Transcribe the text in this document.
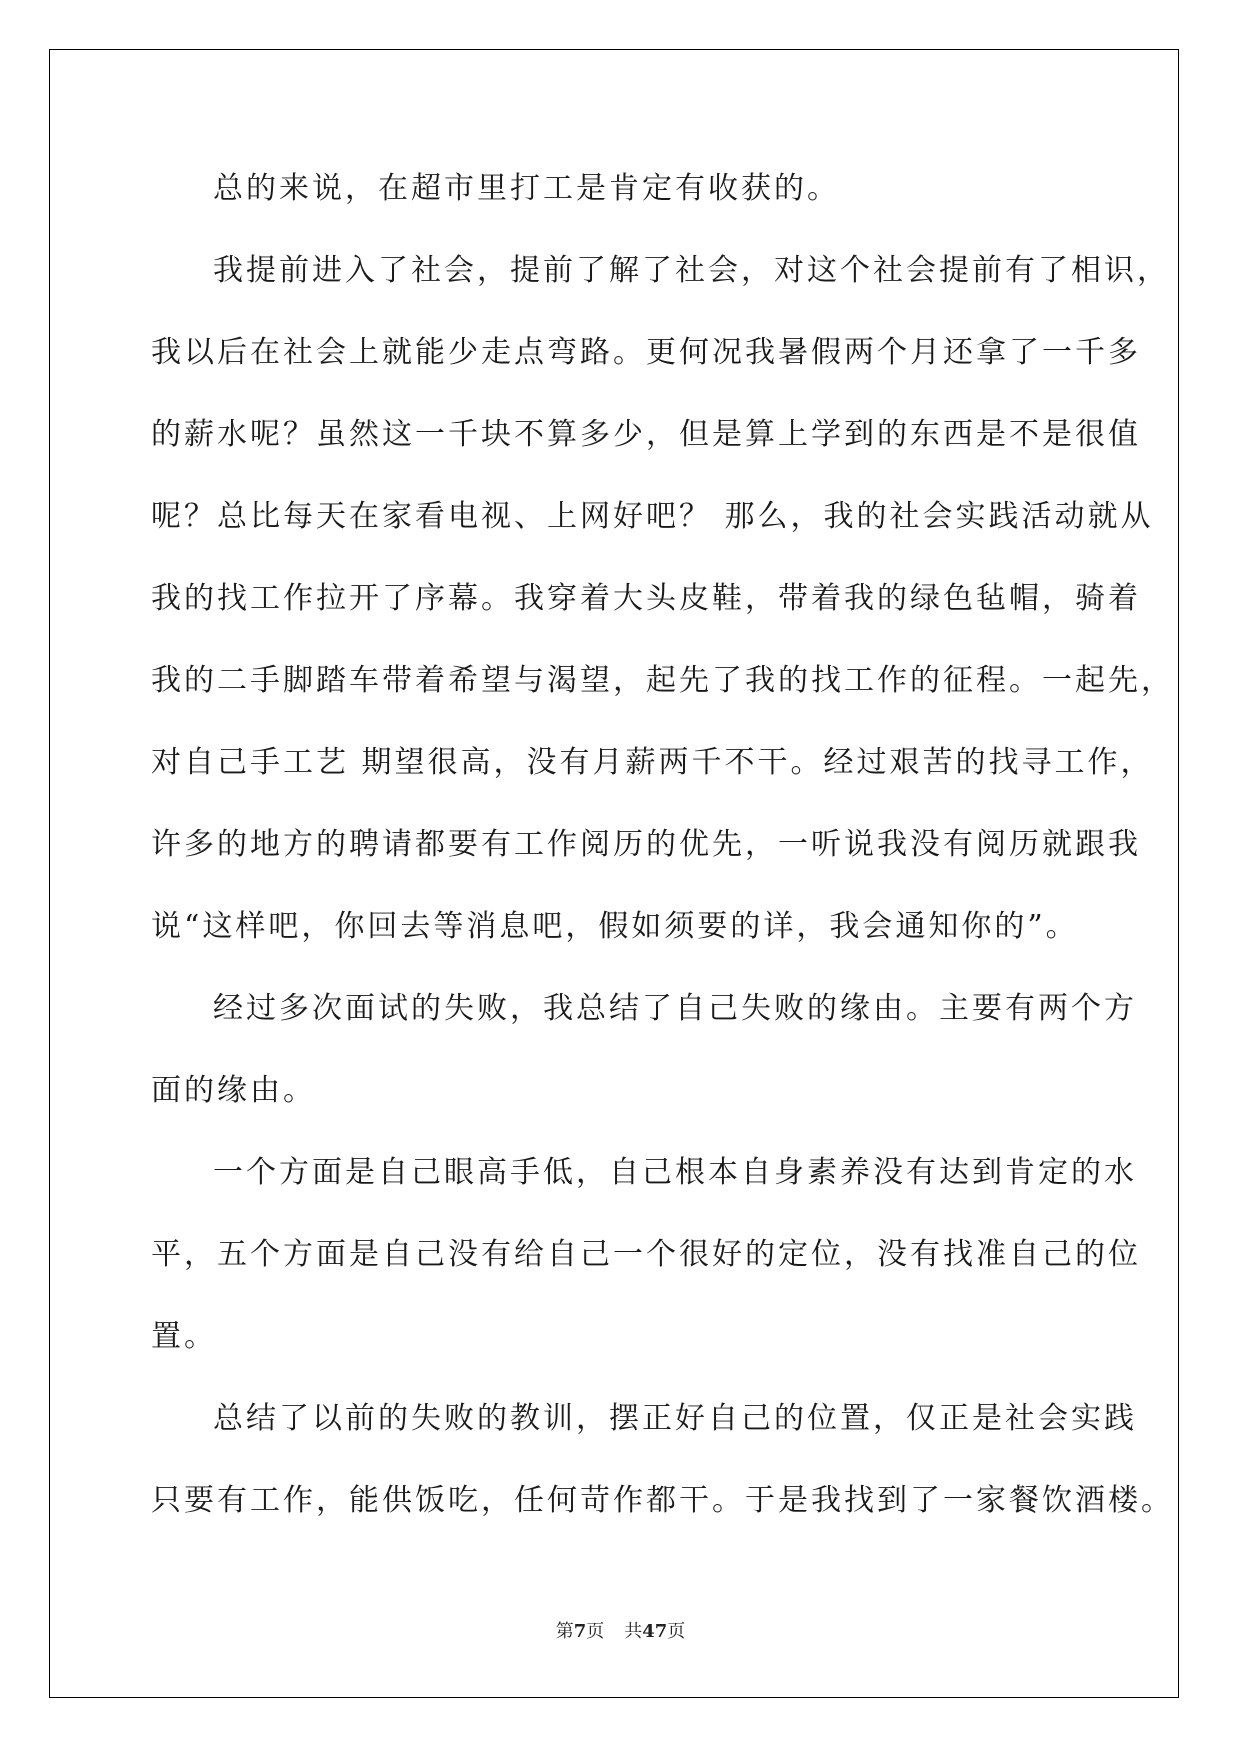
总的来说，在超市里打工是肯定有收获的。
我提前进入了社会，提前了解了社会，对这个社会提前有了相识，
我以后在社会上就能少走点弯路。更何况我暑假两个月还拿了一千多
的薪水呢？虽然这一千块不算多少，但是算上学到的东西是不是很值
呢？总比每天在家看电视、上网好吧？ 那么，我的社会实践活动就从
我的找工作拉开了序幕。我穿着大头皮鞋，带着我的绿色毡帽，骑着
我的二手脚踏车带着希望与渴望，起先了我的找工作的征程。一起先，
对自己手工艺 期望很高，没有月薪两千不干。经过艰苦的找寻工作，
许多的地方的聘请都要有工作阅历的优先，一听说我没有阅历就跟我
说“这样吧，你回去等消息吧，假如须要的详，我会通知你的”。
经过多次面试的失败，我总结了自己失败的缘由。主要有两个方
面的缘由。
一个方面是自己眼高手低，自己根本自身素养没有达到肯定的水
平，五个方面是自己没有给自己一个很好的定位，没有找准自己的位
置。
总结了以前的失败的教训，摆正好自己的位置，仅正是社会实践
只要有工作，能供饭吃，任何苛作都干。于是我找到了一家餐饮酒楼。
第7页 共47页
